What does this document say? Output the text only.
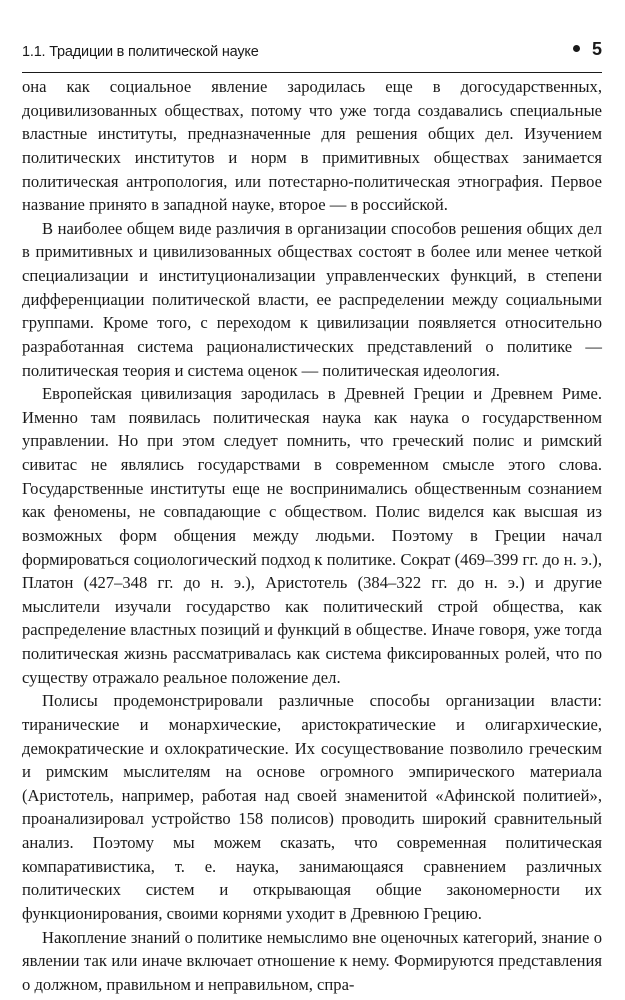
1.1. Традиции в политической науке	5

она как социальное явление зародилась еще в догосударственных, доцивилизованных обществах, потому что уже тогда создавались специальные властные институты, предназначенные для решения общих дел. Изучением политических институтов и норм в примитивных обществах занимается политическая антропология, или потестарно-политическая этнография. Первое название принято в западной науке, второе — в российской.

В наиболее общем виде различия в организации способов решения общих дел в примитивных и цивилизованных обществах состоят в более или менее четкой специализации и институционализации управленческих функций, в степени дифференциации политической власти, ее распределении между социальными группами. Кроме того, с переходом к цивилизации появляется относительно разработанная система рационалистических представлений о политике — политическая теория и система оценок — политическая идеология.

Европейская цивилизация зародилась в Древней Греции и Древнем Риме. Именно там появилась политическая наука как наука о государственном управлении. Но при этом следует помнить, что греческий полис и римский сивитас не являлись государствами в современном смысле этого слова. Государственные институты еще не воспринимались общественным сознанием как феномены, не совпадающие с обществом. Полис виделся как высшая из возможных форм общения между людьми. Поэтому в Греции начал формироваться социологический подход к политике. Сократ (469–399 гг. до н. э.), Платон (427–348 гг. до н. э.), Аристотель (384–322 гг. до н. э.) и другие мыслители изучали государство как политический строй общества, как распределение властных позиций и функций в обществе. Иначе говоря, уже тогда политическая жизнь рассматривалась как система фиксированных ролей, что по существу отражало реальное положение дел.

Полисы продемонстрировали различные способы организации власти: тиранические и монархические, аристократические и олигархические, демократические и охлократические. Их сосуществование позволило греческим и римским мыслителям на основе огромного эмпирического материала (Аристотель, например, работая над своей знаменитой «Афинской политией», проанализировал устройство 158 полисов) проводить широкий сравнительный анализ. Поэтому мы можем сказать, что современная политическая компаративистика, т. е. наука, занимающаяся сравнением различных политических систем и открывающая общие закономерности их функционирования, своими корнями уходит в Древнюю Грецию.

Накопление знаний о политике немыслимо вне оценочных категорий, знание о явлении так или иначе включает отношение к нему. Формируются представления о должном, правильном и неправильном, спра-
